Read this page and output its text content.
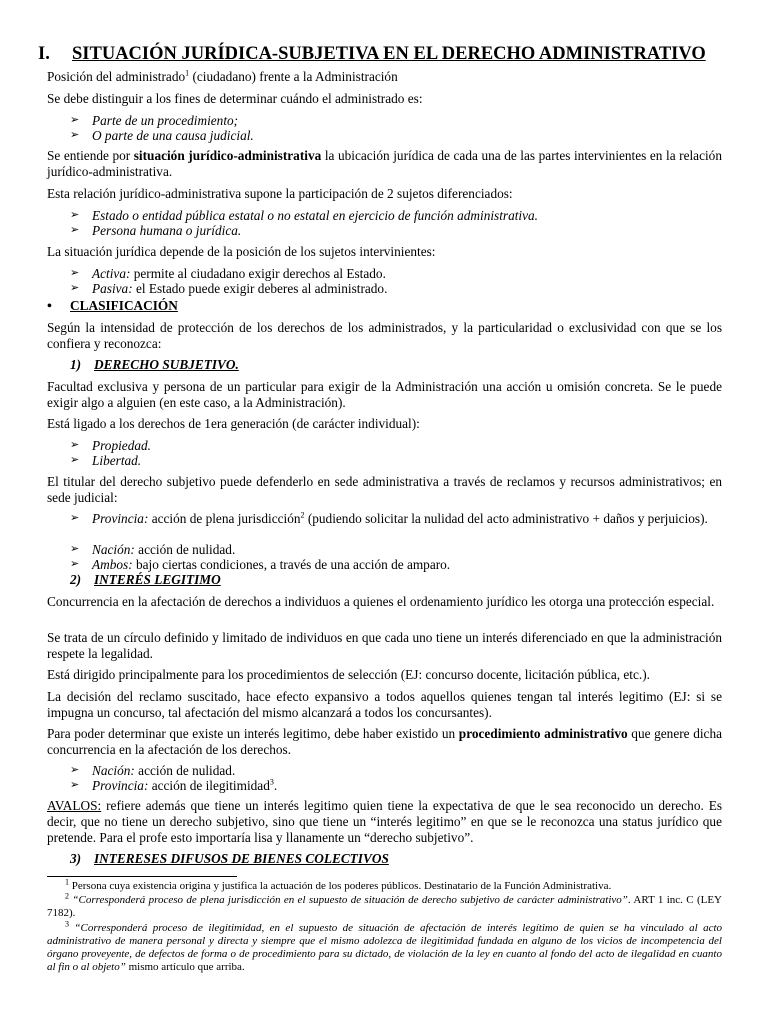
I. SITUACIÓN JURÍDICA-SUBJETIVA EN EL DERECHO ADMINISTRATIVO
Posición del administrado$^1$ (ciudadano) frente a la Administración
Se debe distinguir a los fines de determinar cuándo el administrado es:
➢ Parte de un procedimiento;
➢ O parte de una causa judicial.
Se entiende por situación jurídico-administrativa la ubicación jurídica de cada una de las partes intervinientes en la relación jurídico-administrativa.
Esta relación jurídico-administrativa supone la participación de 2 sujetos diferenciados:
➢ Estado o entidad pública estatal o no estatal en ejercicio de función administrativa.
➢ Persona humana o jurídica.
La situación jurídica depende de la posición de los sujetos intervinientes:
➢ Activa: permite al ciudadano exigir derechos al Estado.
➢ Pasiva: el Estado puede exigir deberes al administrado.
• CLASIFICACIÓN
Según la intensidad de protección de los derechos de los administrados, y la particularidad o exclusividad con que se los confiera y reconozca:
1) DERECHO SUBJETIVO.
Facultad exclusiva y persona de un particular para exigir de la Administración una acción u omisión concreta. Se le puede exigir algo a alguien (en este caso, a la Administración).
Está ligado a los derechos de 1era generación (de carácter individual):
➢ Propiedad.
➢ Libertad.
El titular del derecho subjetivo puede defenderlo en sede administrativa a través de reclamos y recursos administrativos; en sede judicial:
➢ Provincia: acción de plena jurisdicción$^2$ (pudiendo solicitar la nulidad del acto administrativo + daños y perjuicios).
➢ Nación: acción de nulidad.
➢ Ambos: bajo ciertas condiciones, a través de una acción de amparo.
2) INTERÉS LEGITIMO
Concurrencia en la afectación de derechos a individuos a quienes el ordenamiento jurídico les otorga una protección especial.
Se trata de un círculo definido y limitado de individuos en que cada uno tiene un interés diferenciado en que la administración respete la legalidad.
Está dirigido principalmente para los procedimientos de selección (EJ: concurso docente, licitación pública, etc.).
La decisión del reclamo suscitado, hace efecto expansivo a todos aquellos quienes tengan tal interés legitimo (EJ: si se impugna un concurso, tal afectación del mismo alcanzará a todos los concursantes).
Para poder determinar que existe un interés legitimo, debe haber existido un procedimiento administrativo que genere dicha concurrencia en la afectación de los derechos.
➢ Nación: acción de nulidad.
➢ Provincia: acción de ilegitimidad$^3$.
AVALOS: refiere además que tiene un interés legitimo quien tiene la expectativa de que le sea reconocido un derecho. Es decir, que no tiene un derecho subjetivo, sino que tiene un “interés legitimo” en que se le reconozca una status jurídico que pretende. Para el profe esto importaría lisa y llanamente un “derecho subjetivo”.
3) INTERESES DIFUSOS DE BIENES COLECTIVOS
$^1$ Persona cuya existencia origina y justifica la actuación de los poderes públicos. Destinatario de la Función Administrativa.
$^2$ “Corresponderá proceso de plena jurisdicción en el supuesto de situación de derecho subjetivo de carácter administrativo”. ART 1 inc. C (LEY 7182).
$^3$ “Corresponderá proceso de ilegitimidad, en el supuesto de situación de afectación de interés legítimo de quien se ha vinculado al acto administrativo de manera personal y directa y siempre que el mismo adolezca de ilegitimidad fundada en alguno de los vicios de incompetencia del órgano proveyente, de defectos de forma o de procedimiento para su dictado, de violación de la ley en cuanto al fondo del acto de ilegalidad en cuanto al fin o al objeto” mismo artículo que arriba.
